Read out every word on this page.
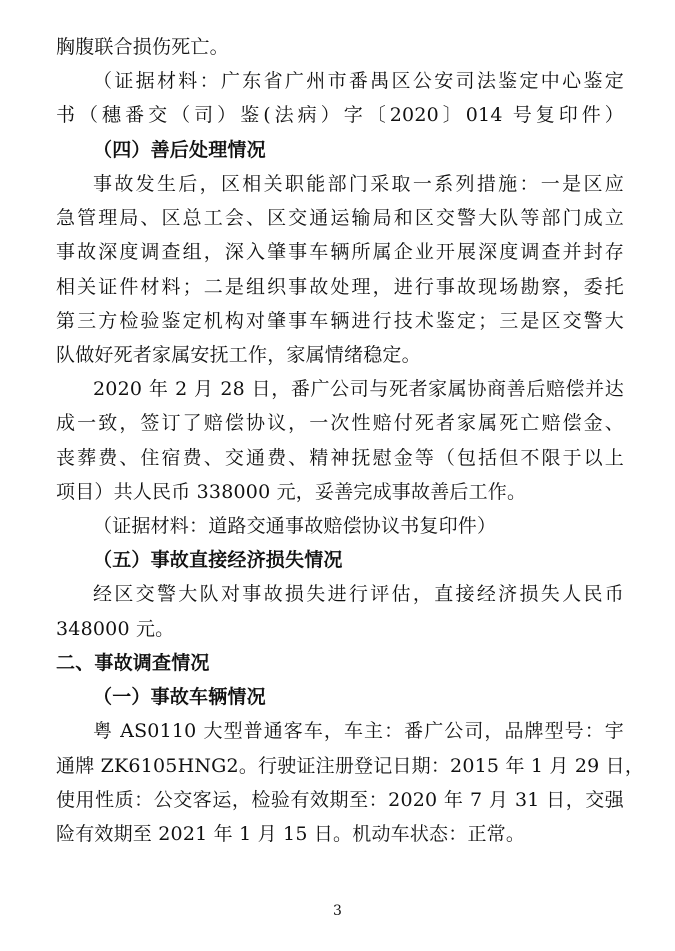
胸腹联合损伤死亡。
（证据材料：广东省广州市番禺区公安司法鉴定中心鉴定
书（穗番交（司）鉴(法病）字〔2020〕014 号复印件）
（四）善后处理情况
事故发生后，区相关职能部门采取一系列措施：一是区应
急管理局、区总工会、区交通运输局和区交警大队等部门成立
事故深度调查组，深入肇事车辆所属企业开展深度调查并封存
相关证件材料；二是组织事故处理，进行事故现场勘察，委托
第三方检验鉴定机构对肇事车辆进行技术鉴定；三是区交警大
队做好死者家属安抚工作，家属情绪稳定。
2020 年 2 月 28 日，番广公司与死者家属协商善后赔偿并达
成一致，签订了赔偿协议，一次性赔付死者家属死亡赔偿金、
丧葬费、住宿费、交通费、精神抚慰金等（包括但不限于以上
项目）共人民币 338000 元，妥善完成事故善后工作。
（证据材料：道路交通事故赔偿协议书复印件）
（五）事故直接经济损失情况
经区交警大队对事故损失进行评估，直接经济损失人民币
348000 元。
二、事故调查情况
（一）事故车辆情况
粤 AS0110 大型普通客车，车主：番广公司，品牌型号：宇
通牌 ZK6105HNG2。行驶证注册登记日期：2015 年 1 月 29 日，
使用性质：公交客运，检验有效期至：2020 年 7 月 31 日，交强
险有效期至 2021 年 1 月 15 日。机动车状态：正常。
3
